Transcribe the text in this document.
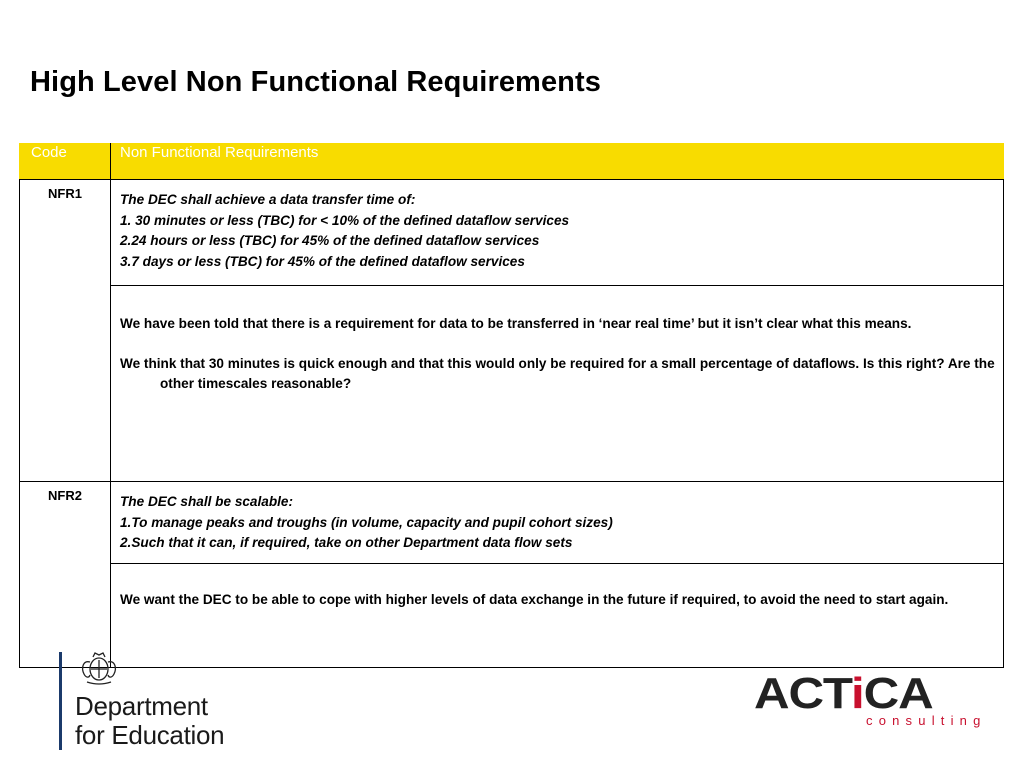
High Level Non Functional Requirements
Code	Non Functional Requirements
NFR1	The DEC shall achieve a data transfer time of:

1. 30 minutes or less (TBC) for < 10% of the defined dataflow services

2.24 hours or less (TBC) for 45% of the defined dataflow services

3.7 days or less (TBC) for 45% of the defined dataflow services

	We have been told that there is a requirement for data to be transferred in ‘near real time’ but it isn’t clear what this means.

We think that 30 minutes is quick enough and that this would only be required for a small percentage of dataflows. Is this right? Are the other timescales reasonable?

NFR2	The DEC shall be scalable:

1.To manage peaks and troughs (in volume, capacity and pupil cohort sizes)

2.Such that it can, if required, take on other Department data flow sets

	We want the DEC to be able to cope with higher levels of data exchange in the future if required, to avoid the need to start again.

Department
for Education
ACTiCA
consulting
